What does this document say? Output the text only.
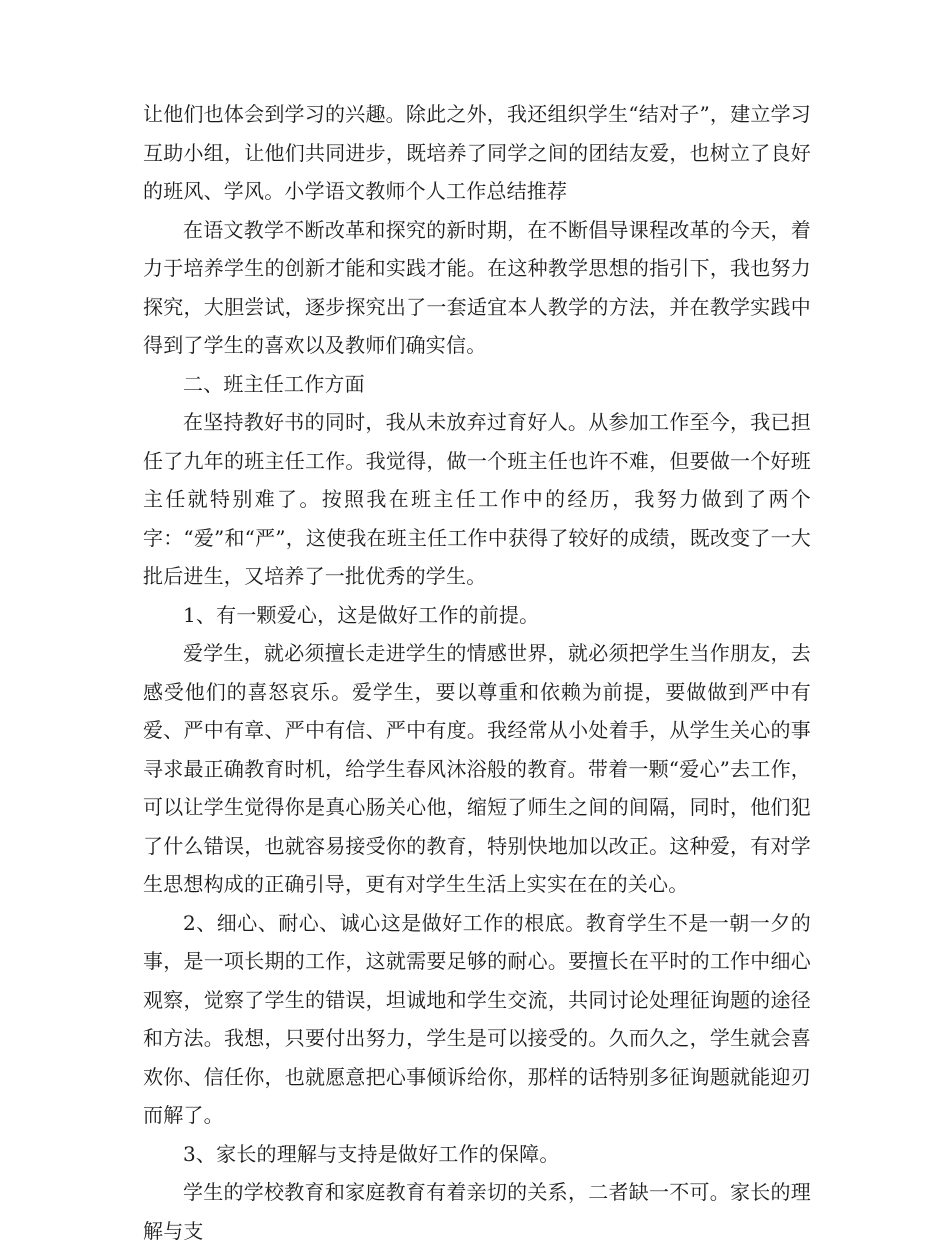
让他们也体会到学习的兴趣。除此之外，我还组织学生“结对子”，建立学习互助小组，让他们共同进步，既培养了同学之间的团结友爱，也树立了良好的班风、学风。小学语文教师个人工作总结推荐

在语文教学不断改革和探究的新时期，在不断倡导课程改革的今天，着力于培养学生的创新才能和实践才能。在这种教学思想的指引下，我也努力探究，大胆尝试，逐步探究出了一套适宜本人教学的方法，并在教学实践中得到了学生的喜欢以及教师们确实信。

二、班主任工作方面

在坚持教好书的同时，我从未放弃过育好人。从参加工作至今，我已担任了九年的班主任工作。我觉得，做一个班主任也许不难，但要做一个好班主任就特别难了。按照我在班主任工作中的经历，我努力做到了两个字：“爱”和“严”，这使我在班主任工作中获得了较好的成绩，既改变了一大批后进生，又培养了一批优秀的学生。

1、有一颗爱心，这是做好工作的前提。

爱学生，就必须擅长走进学生的情感世界，就必须把学生当作朋友，去感受他们的喜怒哀乐。爱学生，要以尊重和依赖为前提，要做做到严中有爱、严中有章、严中有信、严中有度。我经常从小处着手，从学生关心的事寻求最正确教育时机，给学生春风沐浴般的教育。带着一颗“爱心”去工作，可以让学生觉得你是真心肠关心他，缩短了师生之间的间隔，同时，他们犯了什么错误，也就容易接受你的教育，特别快地加以改正。这种爱，有对学生思想构成的正确引导，更有对学生生活上实实在在的关心。

2、细心、耐心、诚心这是做好工作的根底。教育学生不是一朝一夕的事，是一项长期的工作，这就需要足够的耐心。要擅长在平时的工作中细心观察，觉察了学生的错误，坦诚地和学生交流，共同讨论处理征询题的途径和方法。我想，只要付出努力，学生是可以接受的。久而久之，学生就会喜欢你、信任你，也就愿意把心事倾诉给你，那样的话特别多征询题就能迎刃而解了。

3、家长的理解与支持是做好工作的保障。

学生的学校教育和家庭教育有着亲切的关系，二者缺一不可。家长的理解与支
